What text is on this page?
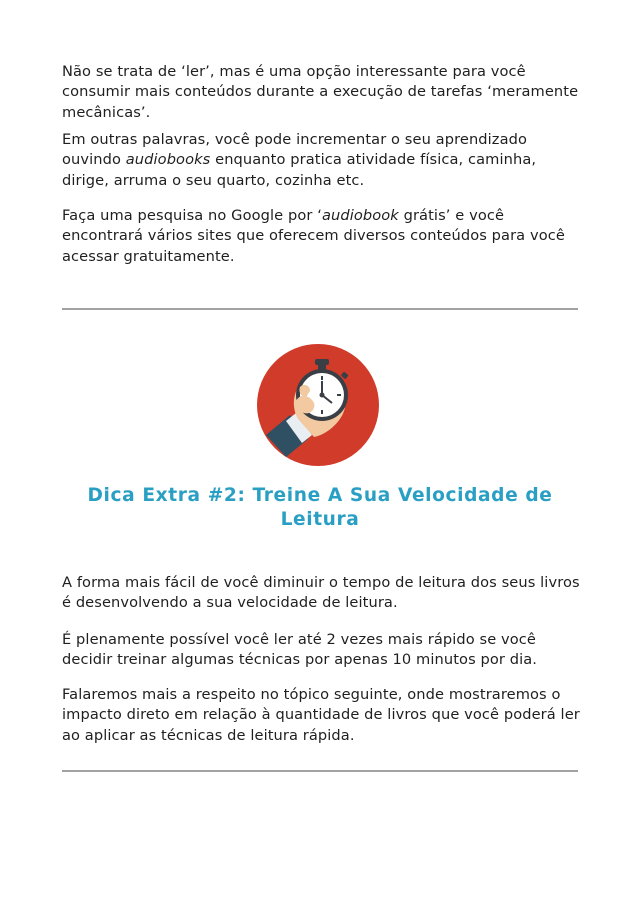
Não se trata de ‘ler’, mas é uma opção interessante para você consumir mais conteúdos durante a execução de tarefas ‘meramente mecânicas’.

Em outras palavras, você pode incrementar o seu aprendizado ouvindo audiobooks enquanto pratica atividade física, caminha, dirige, arruma o seu quarto, cozinha etc.

Faça uma pesquisa no Google por ‘audiobook grátis’ e você encontrará vários sites que oferecem diversos conteúdos para você acessar gratuitamente.

Dica Extra #2: Treine A Sua Velocidade de Leitura

A forma mais fácil de você diminuir o tempo de leitura dos seus livros é desenvolvendo a sua velocidade de leitura.

É plenamente possível você ler até 2 vezes mais rápido se você decidir treinar algumas técnicas por apenas 10 minutos por dia.

Falaremos mais a respeito no tópico seguinte, onde mostraremos o impacto direto em relação à quantidade de livros que você poderá ler ao aplicar as técnicas de leitura rápida.
